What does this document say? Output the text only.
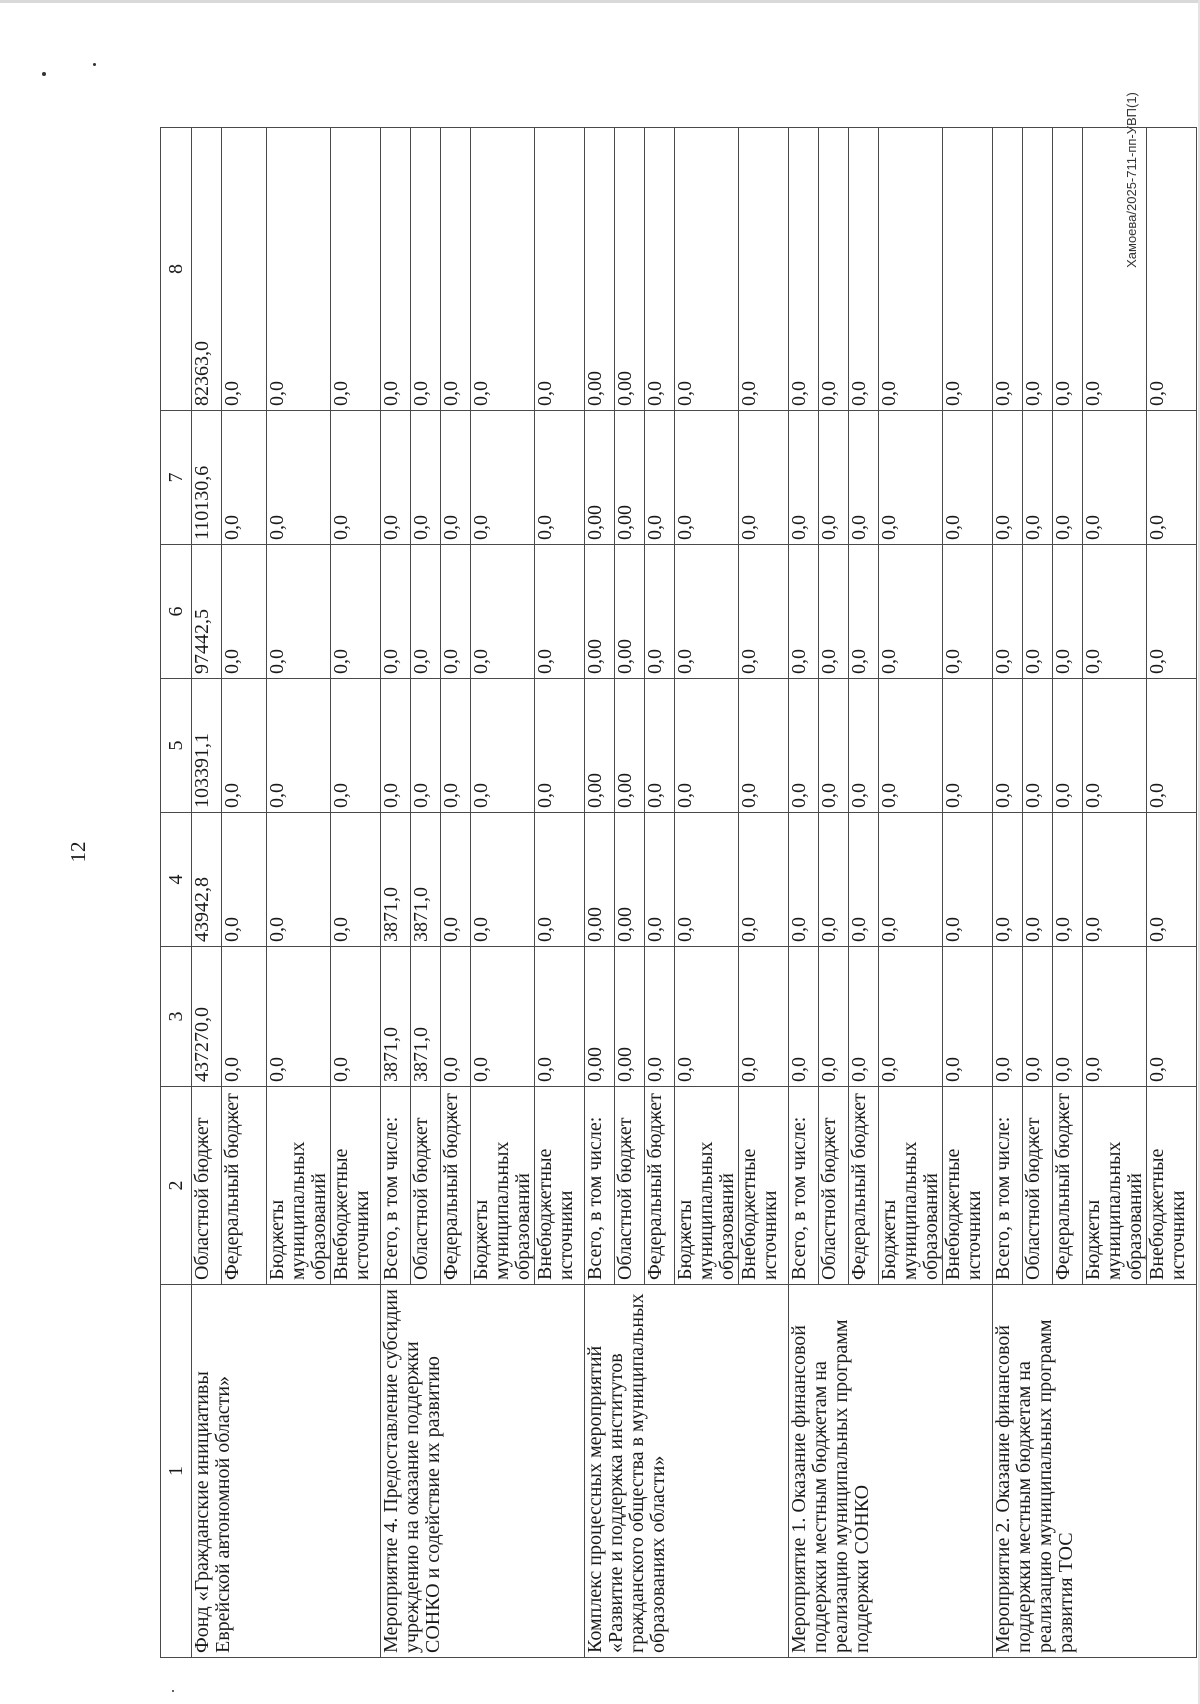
12
Хамоева/2025-711-пп-УВП(1)
1	2	3	4	5	6	7	8
Фонд «Гражданские инициативы Еврейской автономной области»	Областной бюджет	437270,0	43942,8	103391,1	97442,5	110130,6	82363,0
	Федеральный бюджет	0,0	0,0	0,0	0,0	0,0	0,0
	Бюджеты муниципальных образований	0,0	0,0	0,0	0,0	0,0	0,0
	Внебюджетные источники	0,0	0,0	0,0	0,0	0,0	0,0
Мероприятие 4. Предоставление субсидии учреждению на оказание поддержки СОНКО и содействие их развитию	Всего, в том числе:	3871,0	3871,0	0,0	0,0	0,0	0,0
	Областной бюджет	3871,0	3871,0	0,0	0,0	0,0	0,0
	Федеральный бюджет	0,0	0,0	0,0	0,0	0,0	0,0
	Бюджеты муниципальных образований	0,0	0,0	0,0	0,0	0,0	0,0
	Внебюджетные источники	0,0	0,0	0,0	0,0	0,0	0,0
Комплекс процессных мероприятий «Развитие и поддержка институтов гражданского общества в муниципальных образованиях области»	Всего, в том числе:	0,00	0,00	0,00	0,00	0,00	0,00
	Областной бюджет	0,00	0,00	0,00	0,00	0,00	0,00
	Федеральный бюджет	0,0	0,0	0,0	0,0	0,0	0,0
	Бюджеты муниципальных образований	0,0	0,0	0,0	0,0	0,0	0,0
	Внебюджетные источники	0,0	0,0	0,0	0,0	0,0	0,0
Мероприятие 1. Оказание финансовой поддержки местным бюджетам на реализацию муниципальных программ поддержки СОНКО	Всего, в том числе:	0,0	0,0	0,0	0,0	0,0	0,0
	Областной бюджет	0,0	0,0	0,0	0,0	0,0	0,0
	Федеральный бюджет	0,0	0,0	0,0	0,0	0,0	0,0
	Бюджеты муниципальных образований	0,0	0,0	0,0	0,0	0,0	0,0
	Внебюджетные источники	0,0	0,0	0,0	0,0	0,0	0,0
Мероприятие 2. Оказание финансовой поддержки местным бюджетам на реализацию муниципальных программ развития ТОС	Всего, в том числе:	0,0	0,0	0,0	0,0	0,0	0,0
	Областной бюджет	0,0	0,0	0,0	0,0	0,0	0,0
	Федеральный бюджет	0,0	0,0	0,0	0,0	0,0	0,0
	Бюджеты муниципальных образований	0,0	0,0	0,0	0,0	0,0	0,0
	Внебюджетные источники	0,0	0,0	0,0	0,0	0,0	0,0
